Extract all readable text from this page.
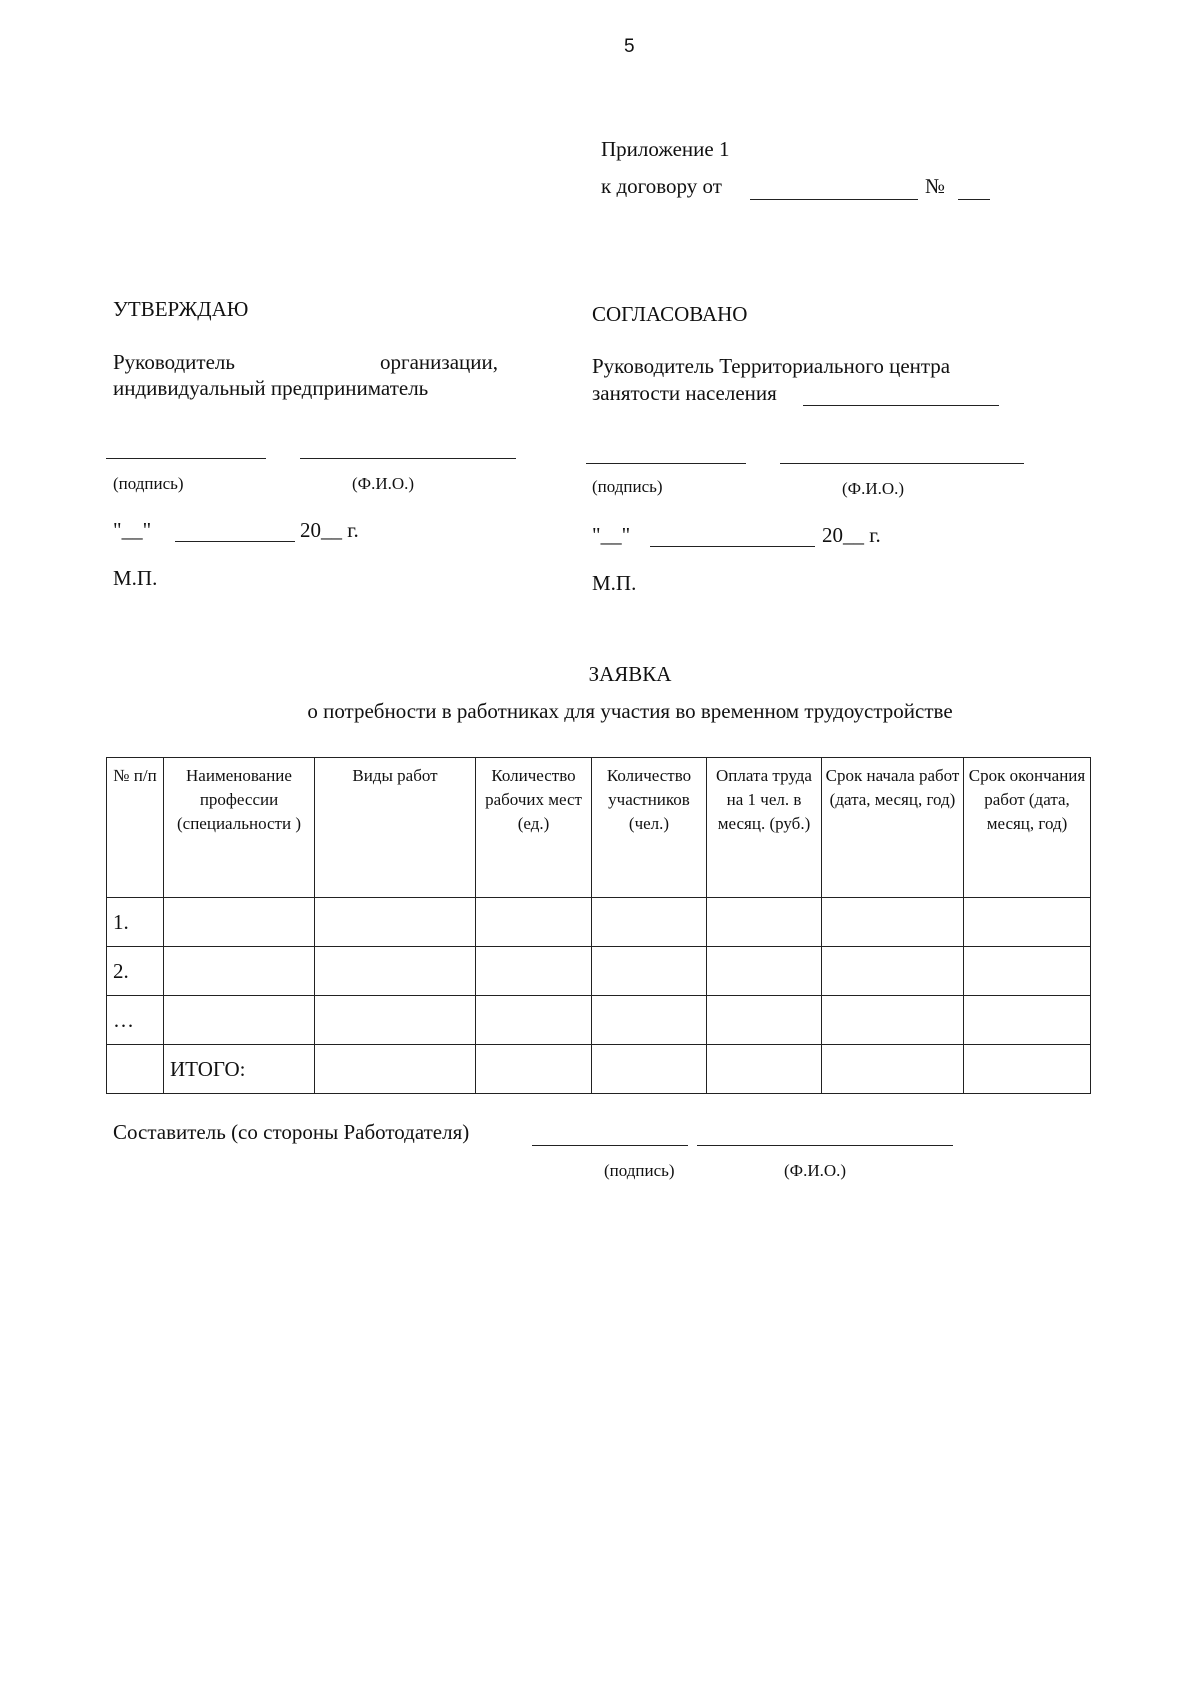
5
Приложение 1
к договору от	№
УТВЕРЖДАЮ
Руководитель	организации,
индивидуальный предприниматель
(подпись)	(Ф.И.О.)
"__"	20__ г.
М.П.
СОГЛАСОВАНО
Руководитель Территориального центра
занятости населения
(подпись)	(Ф.И.О.)
"__"	20__ г.
М.П.
ЗАЯВКА
о потребности в работниках для участия во временном трудоустройстве
№ п/п	Наименование профессии (специальности )	Виды работ	Количество рабочих мест (ед.)	Количество участников (чел.)	Оплата труда на 1 чел. в месяц. (руб.)	Срок начала работ (дата, месяц, год)	Срок окончания работ (дата, месяц, год)
1.							
2.							
…							
	ИТОГО:						
Составитель (со стороны Работодателя)
(подпись)	(Ф.И.О.)
